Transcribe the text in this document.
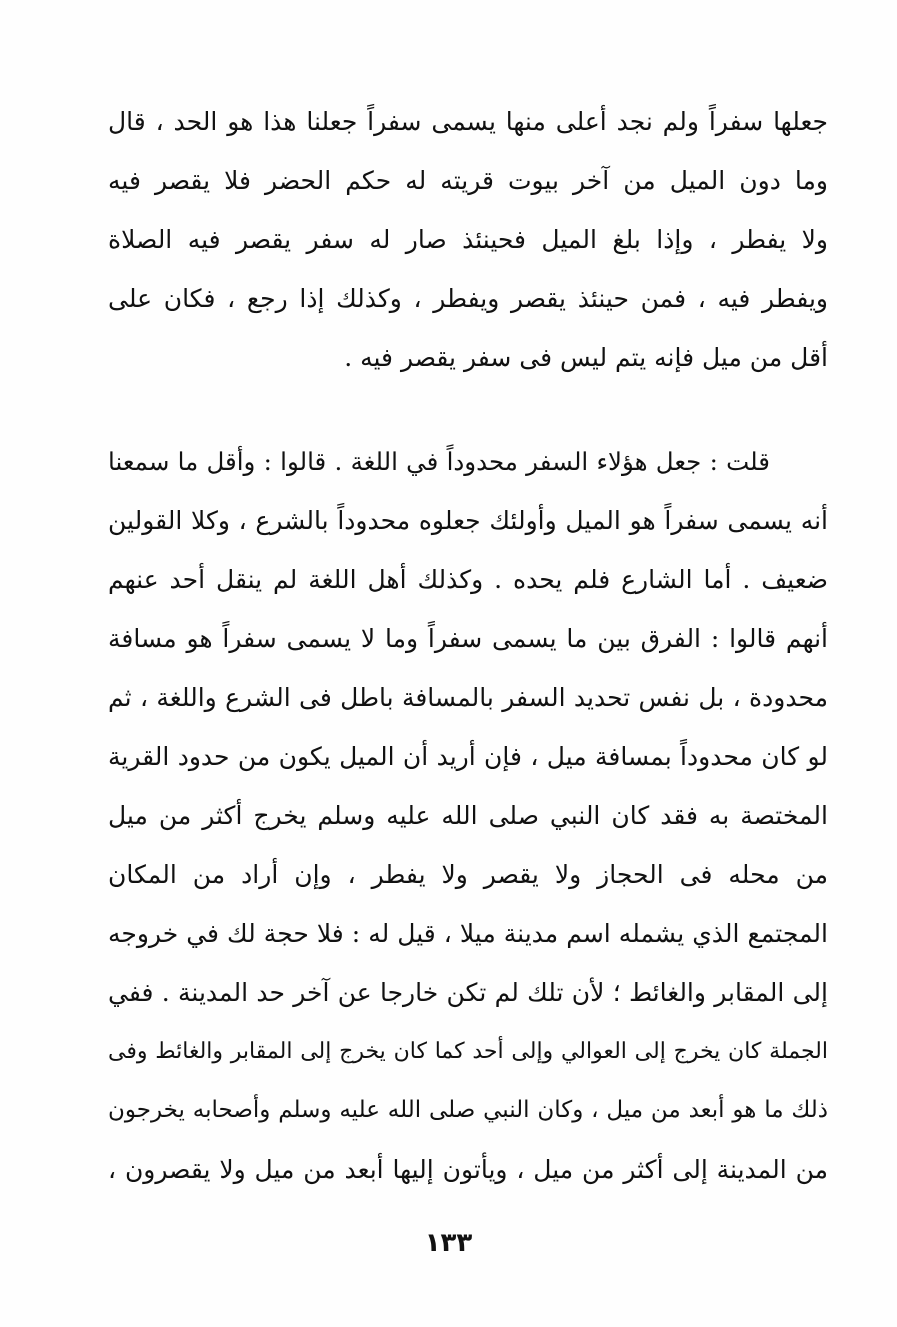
جعلها سفراً ولم نجد أعلى منها يسمى سفراً جعلنا هذا هو الحد ، قال
وما دون الميل من آخر بيوت قريته له حكم الحضر فلا يقصر فيه
ولا يفطر ، وإذا بلغ الميل فحينئذ صار له سفر يقصر فيه الصلاة
ويفطر فيه ، فمن حينئذ يقصر ويفطر ، وكذلك إذا رجع ، فكان على
أقل من ميل فإنه يتم ليس فى سفر يقصر فيه .
قلت : جعل هؤلاء السفر محدوداً في اللغة . قالوا : وأقل ما سمعنا
أنه يسمى سفراً هو الميل وأولئك جعلوه محدوداً بالشرع ، وكلا القولين
ضعيف . أما الشارع فلم يحده . وكذلك أهل اللغة لم ينقل أحد عنهم
أنهم قالوا : الفرق بين ما يسمى سفراً وما لا يسمى سفراً هو مسافة
محدودة ، بل نفس تحديد السفر بالمسافة باطل فى الشرع واللغة ، ثم
لو كان محدوداً بمسافة ميل ، فإن أريد أن الميل يكون من حدود القرية
المختصة به فقد كان النبي صلى الله عليه وسلم يخرج أكثر من ميل
من محله فى الحجاز ولا يقصر ولا يفطر ، وإن أراد من المكان
المجتمع الذي يشمله اسم مدينة ميلا ، قيل له : فلا حجة لك في خروجه
إلى المقابر والغائط ؛ لأن تلك لم تكن خارجا عن آخر حد المدينة . ففي
الجملة كان يخرج إلى العوالي وإلى أحد كما كان يخرج إلى المقابر والغائط وفى
ذلك ما هو أبعد من ميل ، وكان النبي صلى الله عليه وسلم وأصحابه يخرجون
من المدينة إلى أكثر من ميل ، ويأتون إليها أبعد من ميل ولا يقصرون ،
١٣٣
